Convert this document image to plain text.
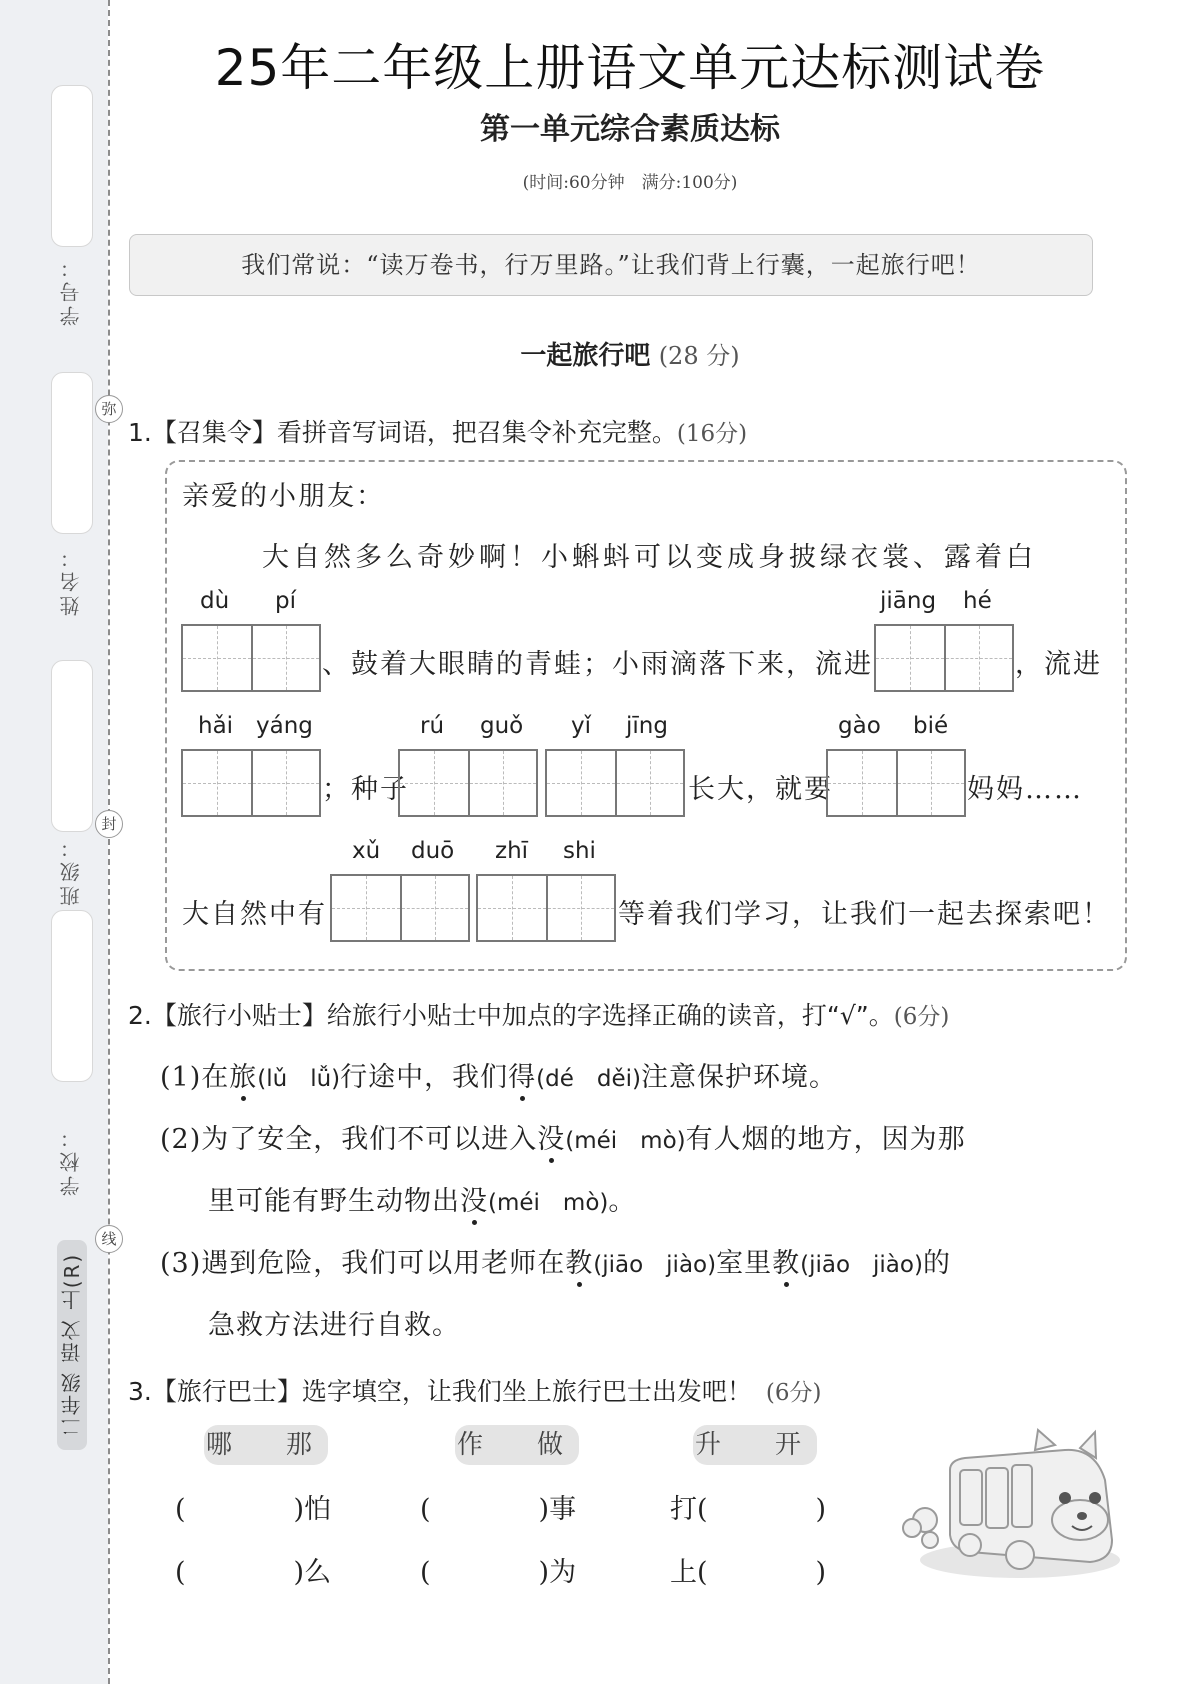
学号：
姓名：
班级：
学校：
弥
封
线
二年级 语文 上(R)
25年二年级上册语文单元达标测试卷
第一单元综合素质达标
(时间:60分钟　满分:100分)
我们常说：“读万卷书，行万里路。”让我们背上行囊，一起旅行吧！
一起旅行吧 (28 分)
1.【召集令】看拼音写词语，把召集令补充完整。(16分)
亲爱的小朋友：
大自然多么奇妙啊！小蝌蚪可以变成身披绿衣裳、露着白
dù pí
、鼓着大眼睛的青蛙；小雨滴落下来，流进
jiāng hé
，流进
hǎi yáng
；种子
rú guǒ yǐ jīng
长大，就要
gào bié
妈妈……
xǔ duō zhī shi
大自然中有	等着我们学习，让我们一起去探索吧！
2.【旅行小贴士】给旅行小贴士中加点的字选择正确的读音，打“√”。(6分)
(1)在旅(lǔ　lǚ)行途中，我们得(dé　děi)注意保护环境。
(2)为了安全，我们不可以进入没(méi　mò)有人烟的地方，因为那
里可能有野生动物出没(méi　mò)。
(3)遇到危险，我们可以用老师在教(jiāo　jiào)室里教(jiāo　jiào)的
急救方法进行自救。
3.【旅行巴士】选字填空，让我们坐上旅行巴士出发吧！ (6分)
哪　那	作　做	升　开
(　　　　)怕	(　　　　)事	打(　　　　)
(　　　　)么	(　　　　)为	上(　　　　)
